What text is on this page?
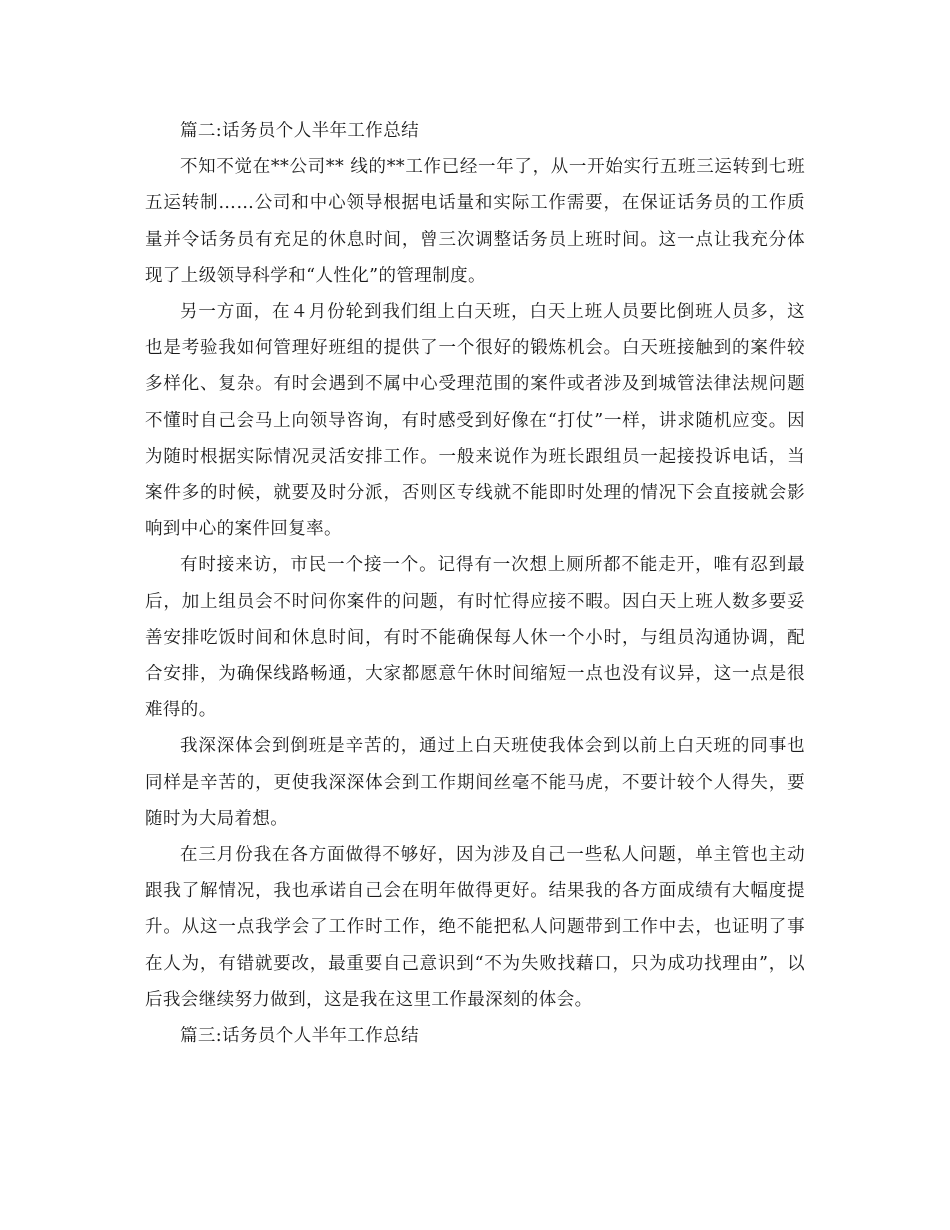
篇二:话务员个人半年工作总结

不知不觉在**公司** 线的**工作已经一年了，从一开始实行五班三运转到七班五运转制……公司和中心领导根据电话量和实际工作需要，在保证话务员的工作质量并令话务员有充足的休息时间，曾三次调整话务员上班时间。这一点让我充分体现了上级领导科学和“人性化”的管理制度。

另一方面，在４月份轮到我们组上白天班，白天上班人员要比倒班人员多，这也是考验我如何管理好班组的提供了一个很好的锻炼机会。白天班接触到的案件较多样化、复杂。有时会遇到不属中心受理范围的案件或者涉及到城管法律法规问题不懂时自己会马上向领导咨询，有时感受到好像在“打仗”一样，讲求随机应变。因为随时根据实际情况灵活安排工作。一般来说作为班长跟组员一起接投诉电话，当案件多的时候，就要及时分派，否则区专线就不能即时处理的情况下会直接就会影响到中心的案件回复率。

有时接来访，市民一个接一个。记得有一次想上厕所都不能走开，唯有忍到最后，加上组员会不时问你案件的问题，有时忙得应接不暇。因白天上班人数多要妥善安排吃饭时间和休息时间，有时不能确保每人休一个小时，与组员沟通协调，配合安排，为确保线路畅通，大家都愿意午休时间缩短一点也没有议异，这一点是很难得的。

我深深体会到倒班是辛苦的，通过上白天班使我体会到以前上白天班的同事也同样是辛苦的，更使我深深体会到工作期间丝毫不能马虎，不要计较个人得失，要随时为大局着想。

在三月份我在各方面做得不够好，因为涉及自己一些私人问题，单主管也主动跟我了解情况，我也承诺自己会在明年做得更好。结果我的各方面成绩有大幅度提升。从这一点我学会了工作时工作，绝不能把私人问题带到工作中去，也证明了事在人为，有错就要改，最重要自己意识到“不为失败找藉口，只为成功找理由”，以后我会继续努力做到，这是我在这里工作最深刻的体会。

篇三:话务员个人半年工作总结
